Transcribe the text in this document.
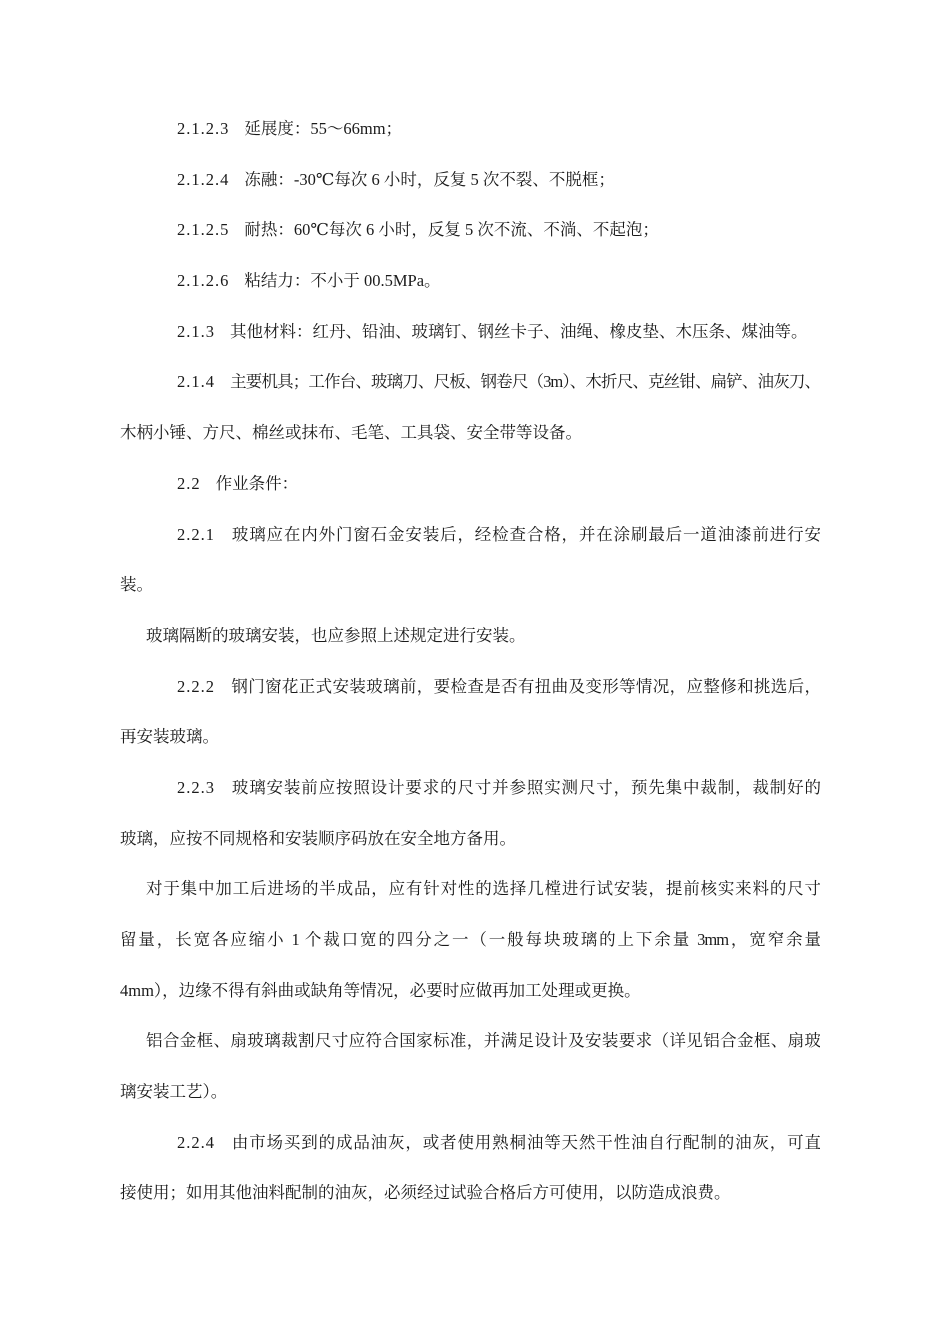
2.1.2.3 延展度：55～66mm；
2.1.2.4 冻融：-30℃每次 6 小时，反复 5 次不裂、不脱框；
2.1.2.5 耐热：60℃每次 6 小时，反复 5 次不流、不淌、不起泡；
2.1.2.6 粘结力：不小于 00.5MPa。
2.1.3 其他材料：红丹、铅油、玻璃钉、钢丝卡子、油绳、橡皮垫、木压条、煤油等。
2.1.4 主要机具；工作台、玻璃刀、尺板、钢卷尺（3m）、木折尺、克丝钳、扁铲、油灰刀、
木柄小锤、方尺、棉丝或抹布、毛笔、工具袋、安全带等设备。
2.2 作业条件：
2.2.1 玻璃应在内外门窗石金安装后，经检查合格，并在涂刷最后一道油漆前进行安
装。
玻璃隔断的玻璃安装，也应参照上述规定进行安装。
2.2.2 钢门窗花正式安装玻璃前，要检查是否有扭曲及变形等情况，应整修和挑选后，
再安装玻璃。
2.2.3 玻璃安装前应按照设计要求的尺寸并参照实测尺寸，预先集中裁制，裁制好的
玻璃，应按不同规格和安装顺序码放在安全地方备用。
对于集中加工后进场的半成品，应有针对性的选择几樘进行试安装，提前核实来料的尺寸
留量，长宽各应缩小 1 个裁口宽的四分之一（一般每块玻璃的上下余量 3mm，宽窄余量
4mm），边缘不得有斜曲或缺角等情况，必要时应做再加工处理或更换。
铝合金框、扇玻璃裁割尺寸应符合国家标准，并满足设计及安装要求（详见铝合金框、扇玻
璃安装工艺）。
2.2.4 由市场买到的成品油灰，或者使用熟桐油等天然干性油自行配制的油灰，可直
接使用；如用其他油料配制的油灰，必须经过试验合格后方可使用，以防造成浪费。
